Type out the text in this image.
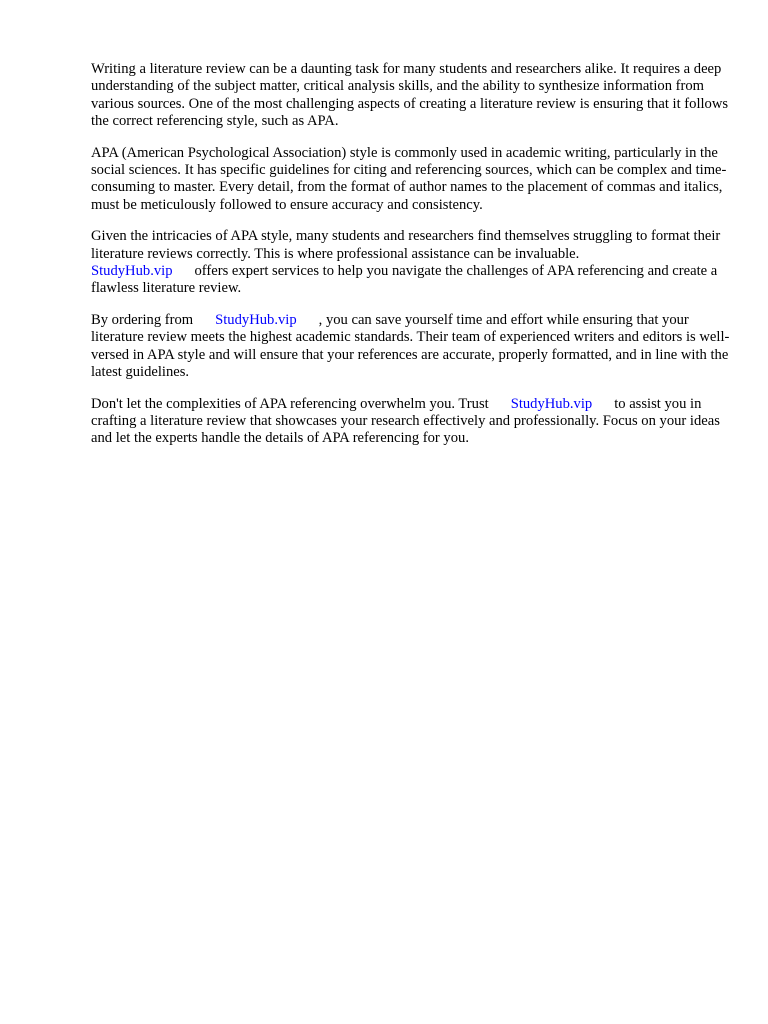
Writing a literature review can be a daunting task for many students and researchers alike. It requires a deep understanding of the subject matter, critical analysis skills, and the ability to synthesize information from various sources. One of the most challenging aspects of creating a literature review is ensuring that it follows the correct referencing style, such as APA.

APA (American Psychological Association) style is commonly used in academic writing, particularly in the social sciences. It has specific guidelines for citing and referencing sources, which can be complex and time-consuming to master. Every detail, from the format of author names to the placement of commas and italics, must be meticulously followed to ensure accuracy and consistency.

Given the intricacies of APA style, many students and researchers find themselves struggling to format their literature reviews correctly. This is where professional assistance can be invaluable.
StudyHub.vip offers expert services to help you navigate the challenges of APA referencing and create a flawless literature review.

By ordering from StudyHub.vip , you can save yourself time and effort while ensuring that your literature review meets the highest academic standards. Their team of experienced writers and editors is well-versed in APA style and will ensure that your references are accurate, properly formatted, and in line with the latest guidelines.

Don't let the complexities of APA referencing overwhelm you. Trust StudyHub.vip to assist you in crafting a literature review that showcases your research effectively and professionally. Focus on your ideas and let the experts handle the details of APA referencing for you.
